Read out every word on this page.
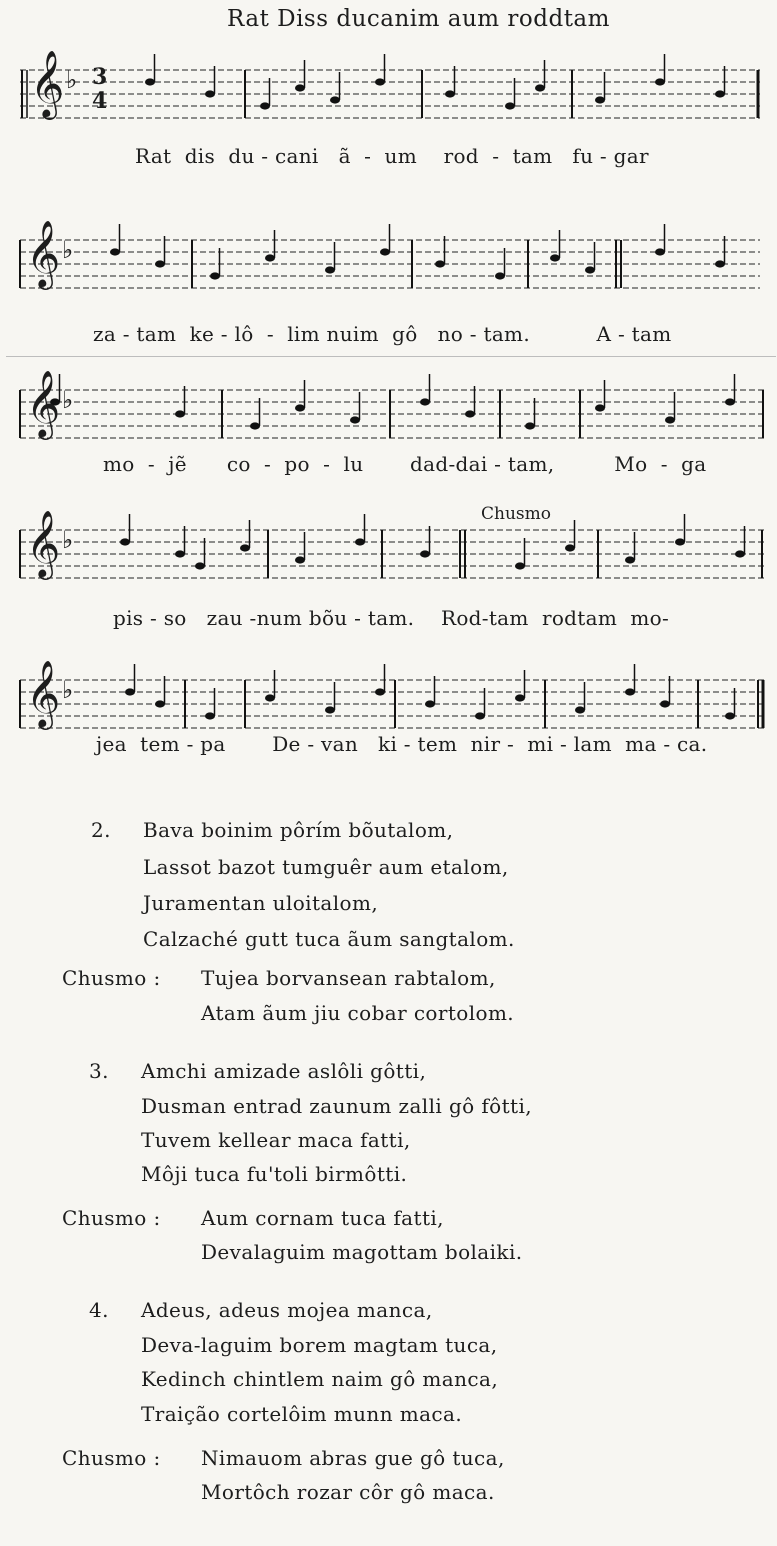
Rat Diss ducanim aum roddtam
𝄞 ♭ 3
4
Rat  dis  du - cani   ã  -  um    rod  -  tam   fu - gar
𝄞 ♭
za - tam  ke - lô  -  lim nuim  gô   no - tam.          A - tam
𝄞 ♭
mo  -  jẽ      co  -  po  -  lu       dad-dai - tam,         Mo  -  ga
Chusmo
𝄞 ♭
pis - so   zau -num bõu - tam.    Rod-tam  rodtam  mo-
𝄞 ♭
jea  tem - pa       De - van   ki - tem  nir -  mi - lam  ma - ca.
2. Bava boinim pôrím bõutalom,
Lassot bazot tumguêr aum etalom,
Juramentan uloitalom,
Calzaché gutt tuca ãum sangtalom.
Chusmo : Tujea borvansean rabtalom,
Atam ãum jiu cobar cortolom.
3. Amchi amizade aslôli gôtti,
Dusman entrad zaunum zalli gô fôtti,
Tuvem kellear maca fatti,
Môji tuca fu'toli birmôtti.
Chusmo : Aum cornam tuca fatti,
Devalaguim magottam bolaiki.
4. Adeus, adeus mojea manca,
Deva-laguim borem magtam tuca,
Kedinch chintlem naim gô manca,
Traição cortelôim munn maca.
Chusmo : Nimauom abras gue gô tuca,
Mortôch rozar côr gô maca.
